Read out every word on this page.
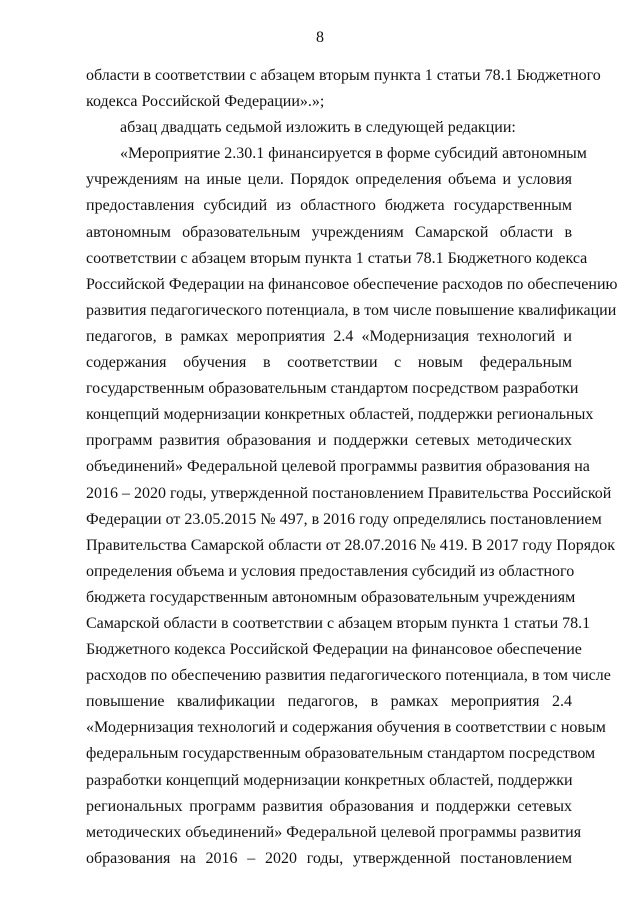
8
области в соответствии с абзацем вторым пункта 1 статьи 78.1 Бюджетного
кодекса Российской Федерации».»;
абзац двадцать седьмой изложить в следующей редакции:
«Мероприятие 2.30.1 финансируется в форме субсидий автономным
учреждениям на иные цели. Порядок определения объема и условия
предоставления субсидий из областного бюджета государственным
автономным образовательным учреждениям Самарской области в
соответствии с абзацем вторым пункта 1 статьи 78.1 Бюджетного кодекса
Российской Федерации на финансовое обеспечение расходов по обеспечению
развития педагогического потенциала, в том числе повышение квалификации
педагогов, в рамках мероприятия 2.4 «Модернизация технологий и
содержания обучения в соответствии с новым федеральным
государственным образовательным стандартом посредством разработки
концепций модернизации конкретных областей, поддержки региональных
программ развития образования и поддержки сетевых методических
объединений» Федеральной целевой программы развития образования на
2016 – 2020 годы, утвержденной постановлением Правительства Российской
Федерации от 23.05.2015 № 497, в 2016 году определялись постановлением
Правительства Самарской области от 28.07.2016 № 419. В 2017 году Порядок
определения объема и условия предоставления субсидий из областного
бюджета государственным автономным образовательным учреждениям
Самарской области в соответствии с абзацем вторым пункта 1 статьи 78.1
Бюджетного кодекса Российской Федерации на финансовое обеспечение
расходов по обеспечению развития педагогического потенциала, в том числе
повышение квалификации педагогов, в рамках мероприятия 2.4
«Модернизация технологий и содержания обучения в соответствии с новым
федеральным государственным образовательным стандартом посредством
разработки концепций модернизации конкретных областей, поддержки
региональных программ развития образования и поддержки сетевых
методических объединений» Федеральной целевой программы развития
образования на 2016 – 2020 годы, утвержденной постановлением
